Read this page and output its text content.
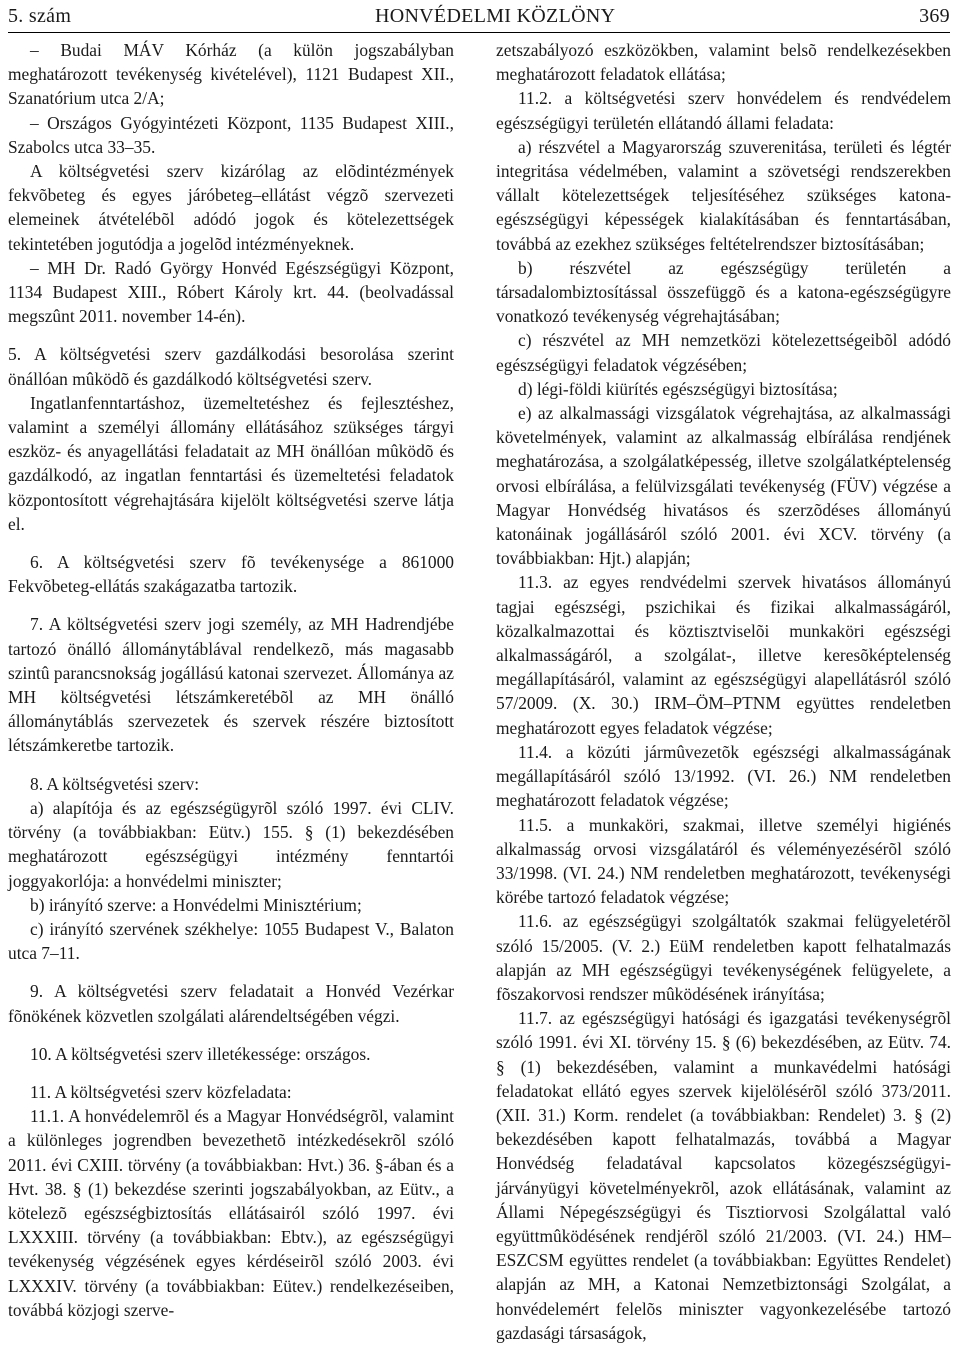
5. szám	HONVÉDELMI KÖZLÖNY	369

– Budai MÁV Kórház (a külön jogszabályban meghatározott tevékenység kivételével), 1121 Budapest XII., Szanatórium utca 2/A;

– Országos Gyógyintézeti Központ, 1135 Budapest XIII., Szabolcs utca 33–35.

A költségvetési szerv kizárólag az elõdintézmények fekvõbeteg és egyes járóbeteg–ellátást végzõ szervezeti elemeinek átvételébõl adódó jogok és kötelezettségek tekintetében jogutódja a jogelõd intézményeknek.

– MH Dr. Radó György Honvéd Egészségügyi Központ, 1134 Budapest XIII., Róbert Károly krt. 44. (beolvadással megszûnt 2011. november 14-én).

5. A költségvetési szerv gazdálkodási besorolása szerint önállóan mûködõ és gazdálkodó költségvetési szerv.

Ingatlanfenntartáshoz, üzemeltetéshez és fejlesztéshez, valamint a személyi állomány ellátásához szükséges tárgyi eszköz- és anyagellátási feladatait az MH önállóan mûködõ és gazdálkodó, az ingatlan fenntartási és üzemeltetési feladatok központosított végrehajtására kijelölt költségvetési szerve látja el.

6. A költségvetési szerv fõ tevékenysége a 861000 Fekvõbeteg-ellátás szakágazatba tartozik.

7. A költségvetési szerv jogi személy, az MH Hadrendjébe tartozó önálló állománytáblával rendelkezõ, más magasabb szintû parancsnokság jogállású katonai szervezet. Állománya az MH költségvetési létszámkeretébõl az MH önálló állománytáblás szervezetek és szervek részére biztosított létszámkeretbe tartozik.

8. A költségvetési szerv:

a) alapítója és az egészségügyrõl szóló 1997. évi CLIV. törvény (a továbbiakban: Eütv.) 155. § (1) bekezdésében meghatározott egészségügyi intézmény fenntartói joggyakorlója: a honvédelmi miniszter;

b) irányító szerve: a Honvédelmi Minisztérium;

c) irányító szervének székhelye: 1055 Budapest V., Balaton utca 7–11.

9. A költségvetési szerv feladatait a Honvéd Vezérkar fõnökének közvetlen szolgálati alárendeltségében végzi.

10. A költségvetési szerv illetékessége: országos.

11. A költségvetési szerv közfeladata:

11.1. A honvédelemrõl és a Magyar Honvédségrõl, valamint a különleges jogrendben bevezethetõ intézkedésekrõl szóló 2011. évi CXIII. törvény (a továbbiakban: Hvt.) 36. §-ában és a Hvt. 38. § (1) bekezdése szerinti jogszabályokban, az Eütv., a kötelezõ egészségbiztosítás ellátásairól szóló 1997. évi LXXXIII. törvény (a továbbiakban: Ebtv.), az egészségügyi tevékenység végzésének egyes kérdéseirõl szóló 2003. évi LXXXIV. törvény (a továbbiakban: Eütev.) rendelkezéseiben, továbbá közjogi szerve-

zetszabályozó eszközökben, valamint belsõ rendelkezésekben meghatározott feladatok ellátása;

11.2. a költségvetési szerv honvédelem és rendvédelem egészségügyi területén ellátandó állami feladata:

a) részvétel a Magyarország szuverenitása, területi és légtér integritása védelmében, valamint a szövetségi rendszerekben vállalt kötelezettségek teljesítéséhez szükséges katona-egészségügyi képességek kialakításában és fenntartásában, továbbá az ezekhez szükséges feltételrendszer biztosításában;

b) részvétel az egészségügy területén a társadalombiztosítással összefüggõ és a katona-egészségügyre vonatkozó tevékenység végrehajtásában;

c) részvétel az MH nemzetközi kötelezettségeibõl adódó egészségügyi feladatok végzésében;

d) légi-földi kiürítés egészségügyi biztosítása;

e) az alkalmassági vizsgálatok végrehajtása, az alkalmassági követelmények, valamint az alkalmasság elbírálása rendjének meghatározása, a szolgálatképesség, illetve szolgálatképtelenség orvosi elbírálása, a felülvizsgálati tevékenység (FÜV) végzése a Magyar Honvédség hivatásos és szerzõdéses állományú katonáinak jogállásáról szóló 2001. évi XCV. törvény (a továbbiakban: Hjt.) alapján;

11.3. az egyes rendvédelmi szervek hivatásos állományú tagjai egészségi, pszichikai és fizikai alkalmasságáról, közalkalmazottai és köztisztviselõi munkaköri egészségi alkalmasságáról, a szolgálat-, illetve keresõképtelenség megállapításáról, valamint az egészségügyi alapellátásról szóló 57/2009. (X. 30.) IRM–ÖM–PTNM együttes rendeletben meghatározott egyes feladatok végzése;

11.4. a közúti jármûvezetõk egészségi alkalmasságának megállapításáról szóló 13/1992. (VI. 26.) NM rendeletben meghatározott feladatok végzése;

11.5. a munkaköri, szakmai, illetve személyi higiénés alkalmasság orvosi vizsgálatáról és véleményezésérõl szóló 33/1998. (VI. 24.) NM rendeletben meghatározott, tevékenységi körébe tartozó feladatok végzése;

11.6. az egészségügyi szolgáltatók szakmai felügyeletérõl szóló 15/2005. (V. 2.) EüM rendeletben kapott felhatalmazás alapján az MH egészségügyi tevékenységének felügyelete, a fõszakorvosi rendszer mûködésének irányítása;

11.7. az egészségügyi hatósági és igazgatási tevékenységrõl szóló 1991. évi XI. törvény 15. § (6) bekezdésében, az Eütv. 74. § (1) bekezdésében, valamint a munkavédelmi hatósági feladatokat ellátó egyes szervek kijelölésérõl szóló 373/2011. (XII. 31.) Korm. rendelet (a továbbiakban: Rendelet) 3. § (2) bekezdésében kapott felhatalmazás, továbbá a Magyar Honvédség feladatával kapcsolatos közegészségügyi-járványügyi követelményekrõl, azok ellátásának, valamint az Állami Népegészségügyi és Tisztiorvosi Szolgálattal való együttmûködésének rendjérõl szóló 21/2003. (VI. 24.) HM–ESZCSM együttes rendelet (a továbbiakban: Együttes Rendelet) alapján az MH, a Katonai Nemzetbiztonsági Szolgálat, a honvédelemért felelõs miniszter vagyonkezelésébe tartozó gazdasági társaságok,
